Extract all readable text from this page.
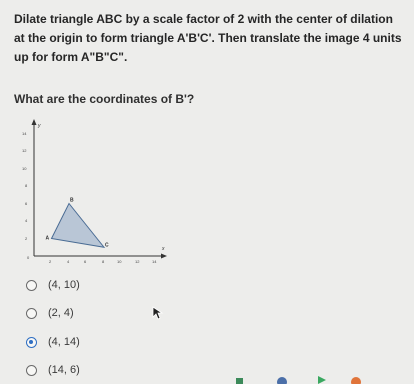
Dilate triangle ABC by a scale factor of 2 with the center of dilation at the origin to form triangle A'B'C'. Then translate the image 4 units up for form A"B"C".
What are the coordinates of B'?
y
x
14
12
10
8
6
4
2
0
2	4	6	8	10	12	14
B
A
C
(4, 10)
(2, 4)
(4, 14)
(14, 6)
